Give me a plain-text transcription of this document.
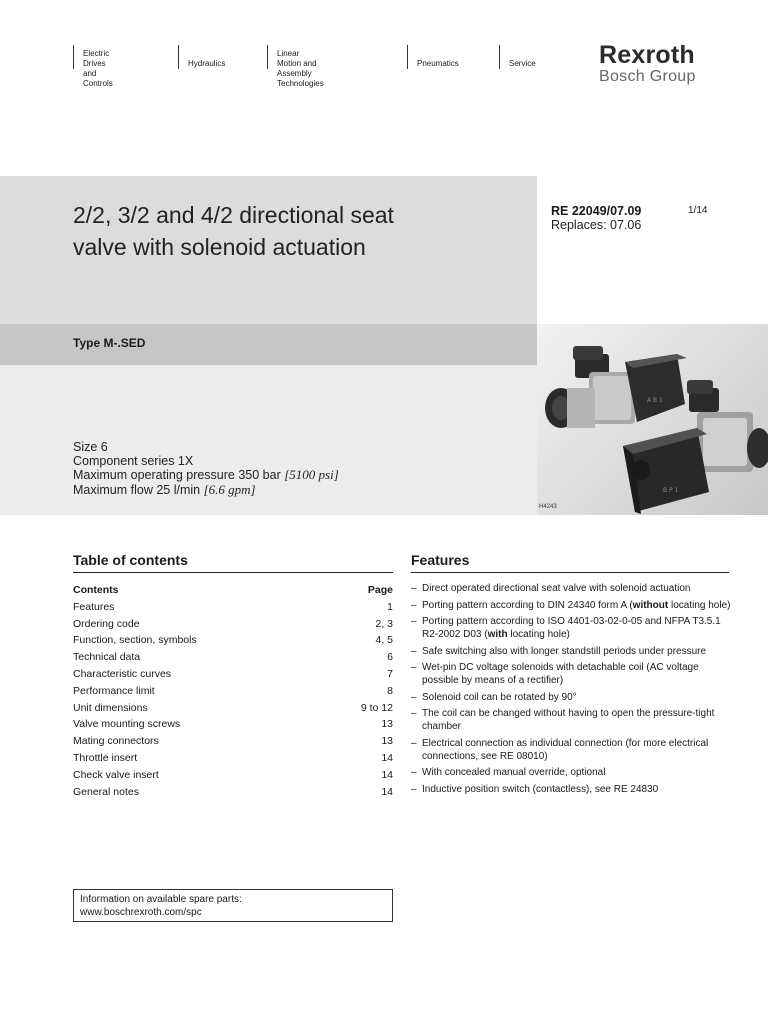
Electric Drives
and Controls
Hydraulics
Linear Motion and
Assembly Technologies
Pneumatics	Service	Rexroth
Bosch Group
2/2, 3/2 and 4/2 directional seat
valve with solenoid actuation
RE 22049/07.09
Replaces: 07.06
1/14
Type M-.SED
Size 6
Component series 1X
Maximum operating pressure 350 bar [5100 psi]
Maximum flow 25 l/min [6.6 gpm]
A B 1
B P 1
H4243
Table of contents
Contents	Page
Features	1
Ordering code	2, 3
Function, section, symbols	4, 5
Technical data	6
Characteristic curves	7
Performance limit	8
Unit dimensions	9 to 12
Valve mounting screws	13
Mating connectors	13
Throttle insert	14
Check valve insert	14
General notes	14
Features
– Direct operated directional seat valve with solenoid actuation
– Porting pattern according to DIN 24340 form A (without locating hole)
– Porting pattern according to ISO 4401-03-02-0-05 and NFPA T3.5.1 R2-2002 D03 (with locating hole)
– Safe switching also with longer standstill periods under pressure
– Wet-pin DC voltage solenoids with detachable coil (AC voltage possible by means of a rectifier)
– Solenoid coil can be rotated by 90°
– The coil can be changed without having to open the pressure-tight chamber
– Electrical connection as individual connection (for more electrical connections, see RE 08010)
– With concealed manual override, optional
– Inductive position switch (contactless), see RE 24830
Information on available spare parts:
www.boschrexroth.com/spc
